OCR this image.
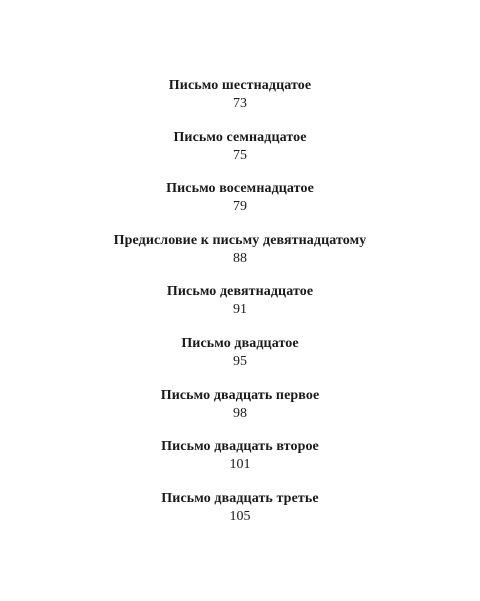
Письмо шестнадцатое
73
Письмо семнадцатое
75
Письмо восемнадцатое
79
Предисловие к письму девятнадцатому
88
Письмо девятнадцатое
91
Письмо двадцатое
95
Письмо двадцать первое
98
Письмо двадцать второе
101
Письмо двадцать третье
105
